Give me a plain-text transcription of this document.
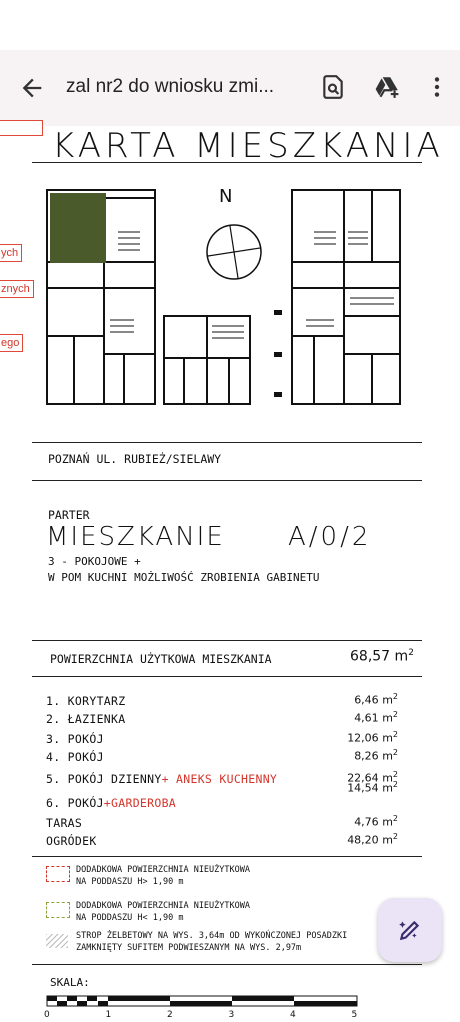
zal nr2 do wniosku zmi...
KARTA MIESZKANIA
ych
znych
ego
N
POZNAŃ UL. RUBIEŻ/SIELAWY
PARTER
MIESZKANIE A/0/2
3 - POKOJOWE +
W POM KUCHNI MOŻLIWOŚĆ ZROBIENIA GABINETU
POWIERZCHNIA UŻYTKOWA MIESZKANIA	68,57 $m^2$
1. KORYTARZ	6,46 $m^2$
2. ŁAZIENKA	4,61 $m^2$
3. POKÓJ	12,06 $m^2$
4. POKÓJ	8,26 $m^2$
5. POKÓJ DZIENNY+ ANEKS KUCHENNY	22,64 $m^2$
14,54 $m^2$
6. POKÓJ+GARDEROBA
TARAS	4,76 $m^2$
OGRÓDEK	48,20 $m^2$
DODADKOWA POWIERZCHNIA NIEUŻYTKOWA
NA PODDASZU H> 1,90 m
DODADKOWA POWIERZCHNIA NIEUŻYTKOWA
NA PODDASZU H< 1,90 m
STROP ŻELBETOWY NA WYS. 3,64m OD WYKOŃCZONEJ POSADZKI
ZAMKNIĘTY SUFITEM PODWIESZANYM NA WYS. 2,97m
SKALA:
0	1	2	3	4	5
